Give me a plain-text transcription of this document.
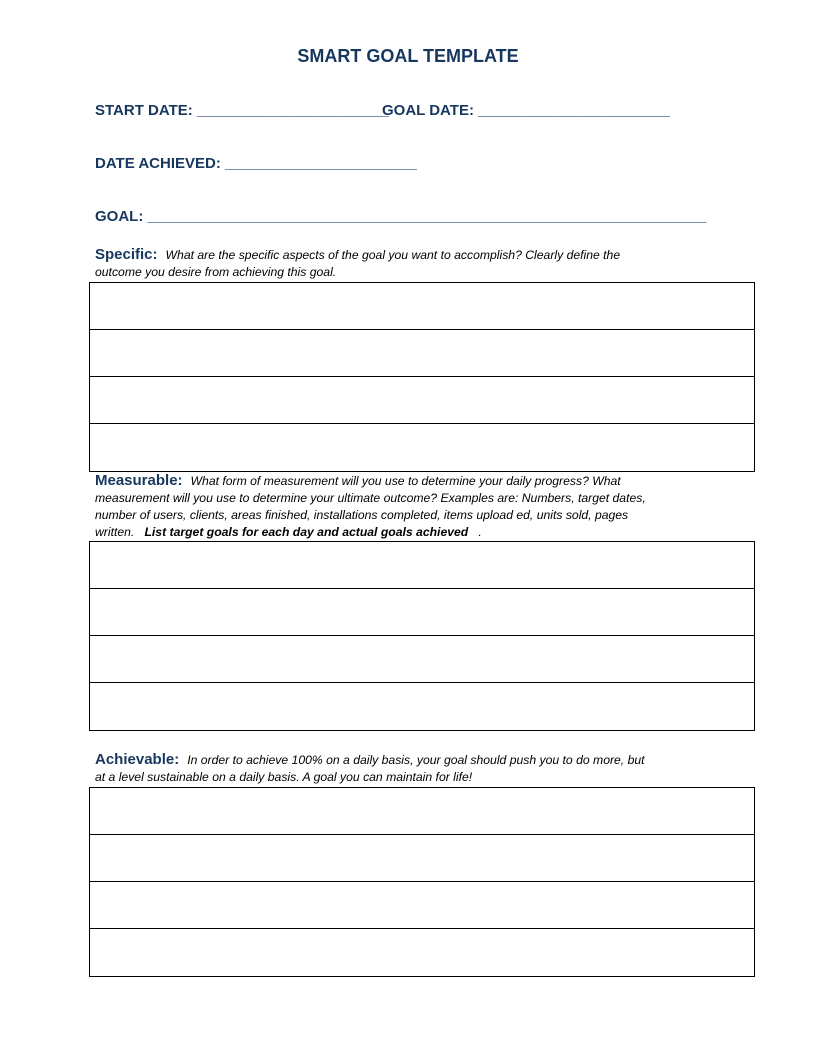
SMART GOAL TEMPLATE
START DATE: _______________________
GOAL DATE: _______________________
DATE ACHIEVED: _______________________
GOAL: ___________________________________________________________________
Specific: What are the specific aspects of the goal you want to accomplish? Clearly define the
outcome you desire from achieving this goal.
Measurable: What form of measurement will you use to determine your daily progress? What
measurement will you use to determine your ultimate outcome? Examples are: Numbers, target dates,
number of users, clients, areas finished, installations completed, items upload ed, units sold, pages
written. List target goals for each day and actual goals achieved .
Achievable: In order to achieve 100% on a daily basis, your goal should push you to do more, but
at a level sustainable on a daily basis. A goal you can maintain for life!
